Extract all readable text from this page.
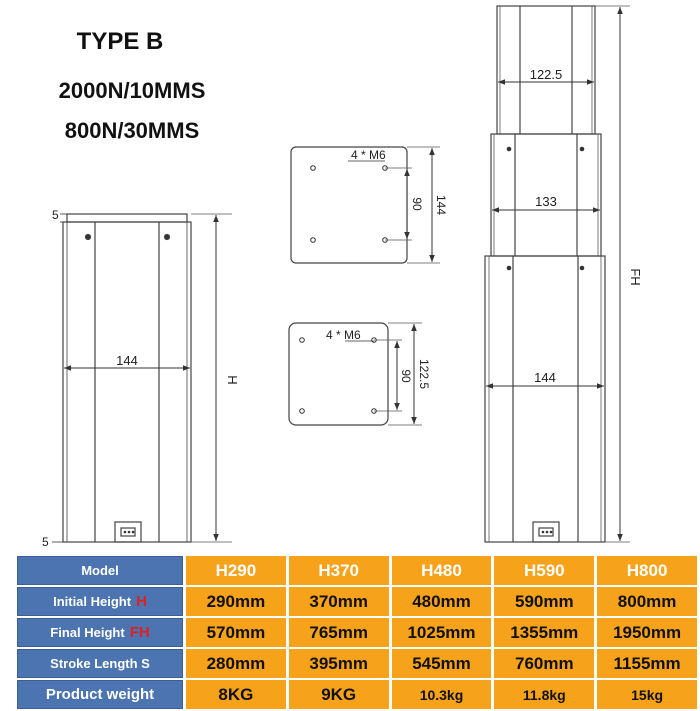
TYPE B
2000N/10MMS
800N/30MMS
144
H
5
5
4 * M6
90 144
4 * M6
90 122.5
122.5
133
144
FH
Model	H290	H370	H480	H590	H800
Initial Height H	290mm	370mm	480mm	590mm	800mm
Final Height FH	570mm	765mm	1025mm	1355mm	1950mm
Stroke Length S	280mm	395mm	545mm	760mm	1155mm
Product weight	8KG	9KG	10.3kg	11.8kg	15kg
